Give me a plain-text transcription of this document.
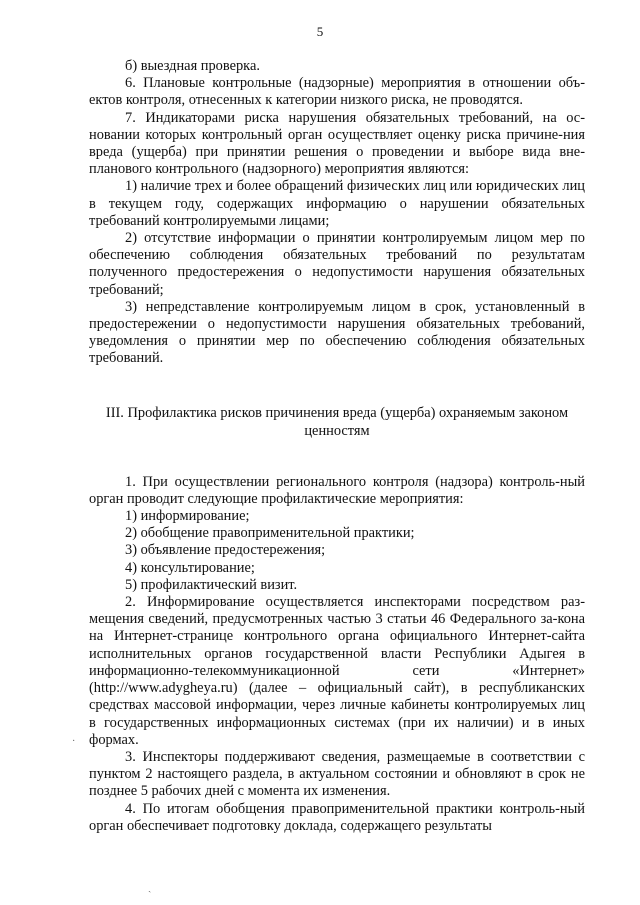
5

б) выездная проверка.

6. Плановые контрольные (надзорные) мероприятия в отношении объ-ектов контроля, отнесенных к категории низкого риска, не проводятся.

7. Индикаторами риска нарушения обязательных требований, на ос-новании которых контрольный орган осуществляет оценку риска причине-ния вреда (ущерба) при принятии решения о проведении и выборе вида вне-планового контрольного (надзорного) мероприятия являются:

1) наличие трех и более обращений физических лиц или юридических лиц в текущем году, содержащих информацию о нарушении обязательных требований контролируемыми лицами;

2) отсутствие информации о принятии контролируемым лицом мер по обеспечению соблюдения обязательных требований по результатам полученного предостережения о недопустимости нарушения обязательных требований;

3) непредставление контролируемым лицом в срок, установленный в предостережении о недопустимости нарушения обязательных требований, уведомления о принятии мер по обеспечению соблюдения обязательных требований.

III. Профилактика рисков причинения вреда (ущерба) охраняемым законом
ценностям

1. При осуществлении регионального контроля (надзора) контроль-ный орган проводит следующие профилактические мероприятия:

1) информирование;

2) обобщение правоприменительной практики;

3) объявление предостережения;

4) консультирование;

5) профилактический визит.

2. Информирование осуществляется инспекторами посредством раз-мещения сведений, предусмотренных частью 3 статьи 46 Федерального за-кона на Интернет-странице контрольного органа официального Интернет-сайта исполнительных органов государственной власти Республики Адыгея в информационно-телекоммуникационной сети «Интернет» (http://www.adygheya.ru) (далее – официальный сайт), в республиканских средствах массовой информации, через личные кабинеты контролируемых лиц в государственных информационных системах (при их наличии) и в иных формах.

3. Инспекторы поддерживают сведения, размещаемые в соответствии с пунктом 2 настоящего раздела, в актуальном состоянии и обновляют в срок не позднее 5 рабочих дней с момента их изменения.

4. По итогам обобщения правоприменительной практики контроль-ный орган обеспечивает подготовку доклада, содержащего результаты

·
ˎ
